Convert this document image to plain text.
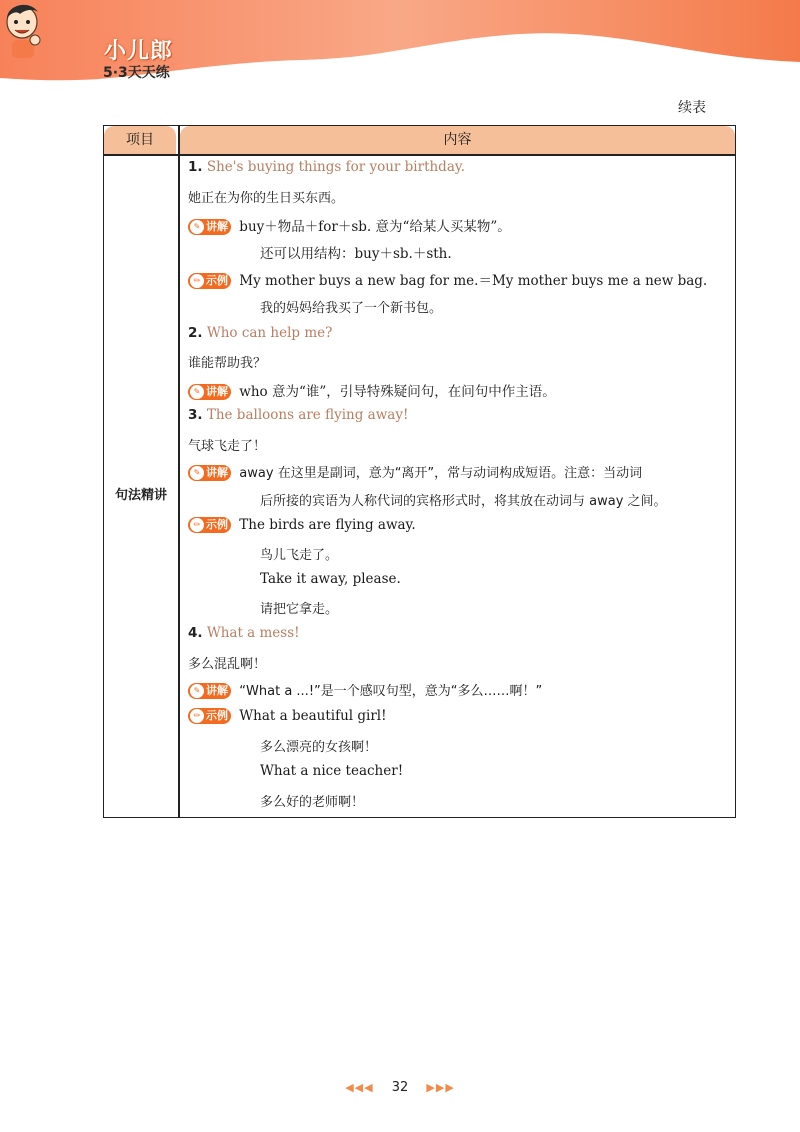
小儿郎
5·3天天练
续表
项目	内容
句法精讲
1. She's buying things for your birthday.
她正在为你的生日买东西。
✎ 讲解 buy＋物品＋for＋sb. 意为“给某人买某物”。
还可以用结构：buy＋sb.＋sth.
✏ 示例 My mother buys a new bag for me.＝My mother buys me a new bag.
我的妈妈给我买了一个新书包。
2. Who can help me?
谁能帮助我？
✎ 讲解 who 意为“谁”，引导特殊疑问句，在问句中作主语。
3. The balloons are flying away!
气球飞走了！
✎ 讲解 away 在这里是副词，意为“离开”，常与动词构成短语。注意：当动词
后所接的宾语为人称代词的宾格形式时，将其放在动词与 away 之间。
✏ 示例 The birds are flying away.
鸟儿飞走了。
Take it away, please.
请把它拿走。
4. What a mess!
多么混乱啊！
✎ 讲解 “What a ...!”是一个感叹句型，意为“多么……啊！”
✏ 示例 What a beautiful girl!
多么漂亮的女孩啊！
What a nice teacher!
多么好的老师啊！
◀◀◀ 32 ▶▶▶
